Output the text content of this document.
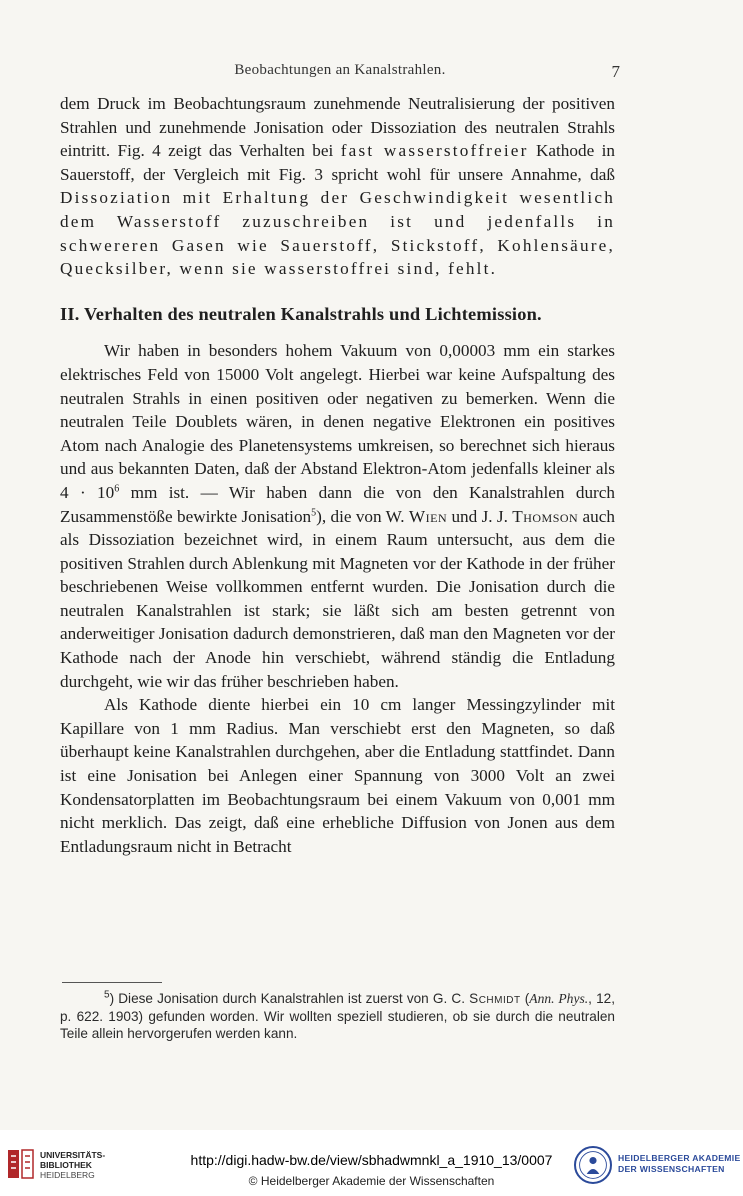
Beobachtungen an Kanalstrahlen.	7

dem Druck im Beobachtungsraum zunehmende Neutralisierung der positiven Strahlen und zunehmende Jonisation oder Dissoziation des neutralen Strahls eintritt. Fig. 4 zeigt das Verhalten bei fast wasserstoffreier Kathode in Sauerstoff, der Vergleich mit Fig. 3 spricht wohl für unsere Annahme, daß Dissoziation mit Erhaltung der Geschwindigkeit wesentlich dem Wasserstoff zuzuschreiben ist und jedenfalls in schwereren Gasen wie Sauerstoff, Stickstoff, Kohlensäure, Quecksilber, wenn sie wasserstoffrei sind, fehlt.

II. Verhalten des neutralen Kanalstrahls und Lichtemission.

Wir haben in besonders hohem Vakuum von 0,00003 mm ein starkes elektrisches Feld von 15000 Volt angelegt. Hierbei war keine Aufspaltung des neutralen Strahls in einen positiven oder negativen zu bemerken. Wenn die neutralen Teile Doublets wären, in denen negative Elektronen ein positives Atom nach Analogie des Planetensystems umkreisen, so berechnet sich hieraus und aus bekannten Daten, daß der Abstand Elektron-Atom jedenfalls kleiner als $4 \cdot 10^6$ mm ist. — Wir haben dann die von den Kanalstrahlen durch Zusammenstöße bewirkte Jonisation$^5$), die von W. Wien und J. J. Thomson auch als Dissoziation bezeichnet wird, in einem Raum untersucht, aus dem die positiven Strahlen durch Ablenkung mit Magneten vor der Kathode in der früher beschriebenen Weise vollkommen entfernt wurden. Die Jonisation durch die neutralen Kanalstrahlen ist stark; sie läßt sich am besten getrennt von anderweitiger Jonisation dadurch demonstrieren, daß man den Magneten vor der Kathode nach der Anode hin verschiebt, während ständig die Entladung durchgeht, wie wir das früher beschrieben haben.

Als Kathode diente hierbei ein 10 cm langer Messingzylinder mit Kapillare von 1 mm Radius. Man verschiebt erst den Magneten, so daß überhaupt keine Kanalstrahlen durchgehen, aber die Entladung stattfindet. Dann ist eine Jonisation bei Anlegen einer Spannung von 3000 Volt an zwei Kondensatorplatten im Beobachtungsraum bei einem Vakuum von 0,001 mm nicht merklich. Das zeigt, daß eine erhebliche Diffusion von Jonen aus dem Entladungsraum nicht in Betracht

$^5$) Diese Jonisation durch Kanalstrahlen ist zuerst von G. C. Schmidt (Ann. Phys., 12, p. 622. 1903) gefunden worden. Wir wollten speziell studieren, ob sie durch die neutralen Teile allein hervorgerufen werden kann.
UNIVERSITÄTS-
BIBLIOTHEK
HEIDELBERG
http://digi.hadw-bw.de/view/sbhadwmnkl_a_1910_13/0007
© Heidelberger Akademie der Wissenschaften
HEIDELBERGER AKADEMIE
DER WISSENSCHAFTEN
